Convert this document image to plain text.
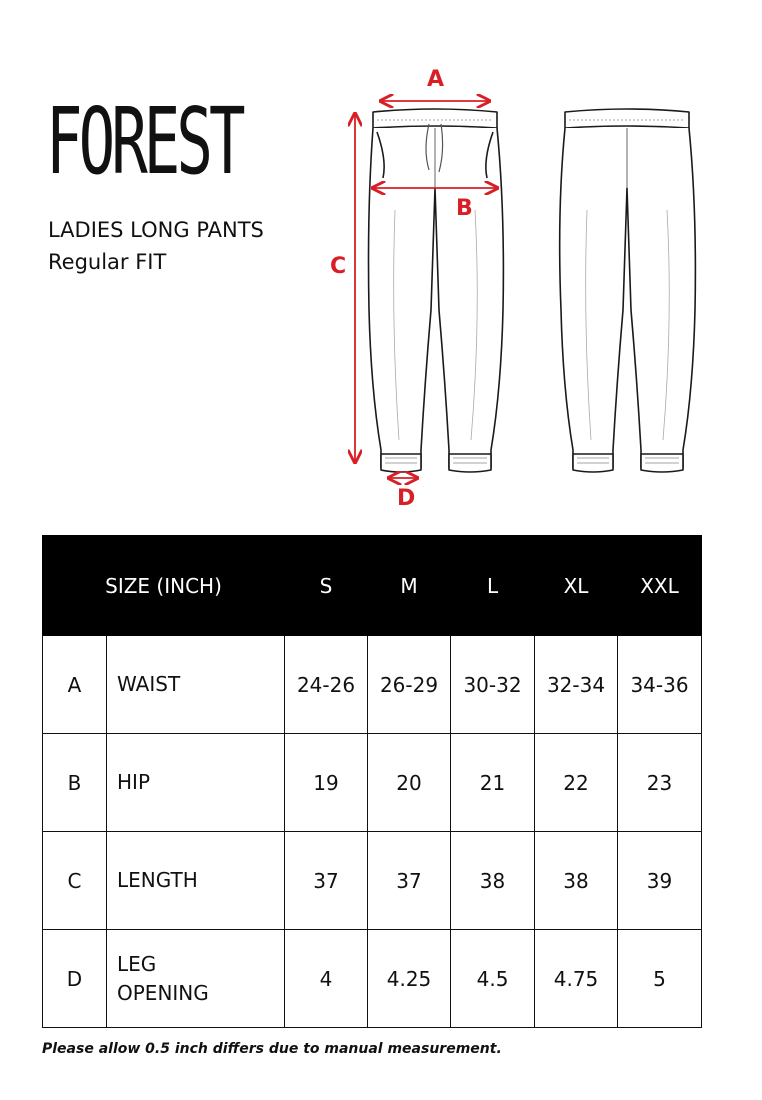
FOREST
LADIES LONG PANTS
Regular FIT
A
B
C
D
SIZE (INCH)		S	M	L	XL	XXL
A	WAIST	24-26	26-29	30-32	32-34	34-36
B	HIP	19	20	21	22	23
C	LENGTH	37	37	38	38	39
D	LEG
OPENING	4	4.25	4.5	4.75	5

Please allow 0.5 inch differs due to manual measurement.
